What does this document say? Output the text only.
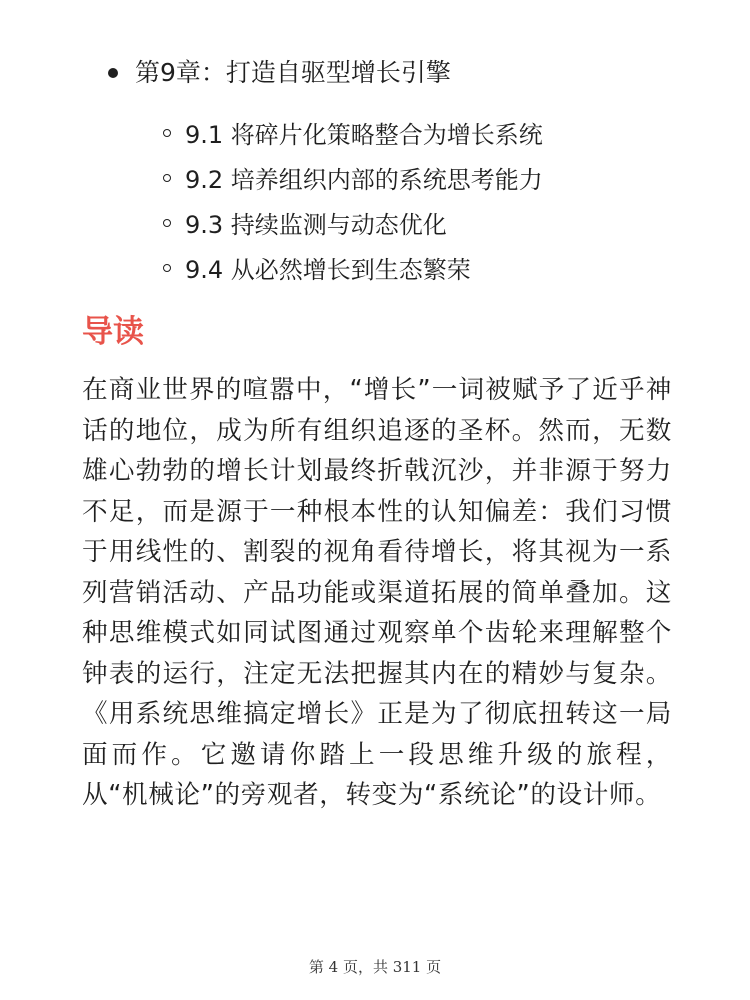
第9章：打造自驱型增长引擎
9.1 将碎片化策略整合为增长系统
9.2 培养组织内部的系统思考能力
9.3 持续监测与动态优化
9.4 从必然增长到生态繁荣
导读

在商业世界的喧嚣中，“增长”一词被赋予了近乎神话的地位，成为所有组织追逐的圣杯。然而，无数雄心勃勃的增长计划最终折戟沉沙，并非源于努力不足，而是源于一种根本性的认知偏差：我们习惯于用线性的、割裂的视角看待增长，将其视为一系列营销活动、产品功能或渠道拓展的简单叠加。这种思维模式如同试图通过观察单个齿轮来理解整个钟表的运行，注定无法把握其内在的精妙与复杂。《用系统思维搞定增长》正是为了彻底扭转这一局面而作。它邀请你踏上一段思维升级的旅程，从“机械论”的旁观者，转变为“系统论”的设计师。

第 4 页，共 311 页
